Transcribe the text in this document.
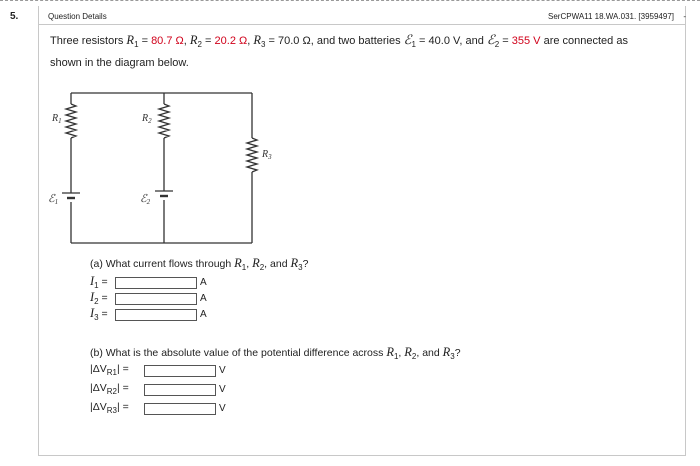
5.	Question Details	SerCPWA11 18.WA.031. [3959497] -
Three resistors $R_1 = 80.7$ Ω, $R_2 = 20.2$ Ω, $R_3 = 70.0$ Ω, and two batteries ℰ$_1$ = 40.0 V, and ℰ$_2$ = 355 V are connected as
shown in the diagram below.
$R_1$	$R_2$
$R_3$
ℰ1	ℰ2
(a) What current flows through $R_1$, $R_2$, and $R_3$?
$I_1$ =	A
$I_2$ =	A
$I_3$ =	A
(b) What is the absolute value of the potential difference across $R_1$, $R_2$, and $R_3$?
$|\Delta V_{R1}|$ =	V
$|\Delta V_{R2}|$ =	V
$|\Delta V_{R3}|$ =	V
